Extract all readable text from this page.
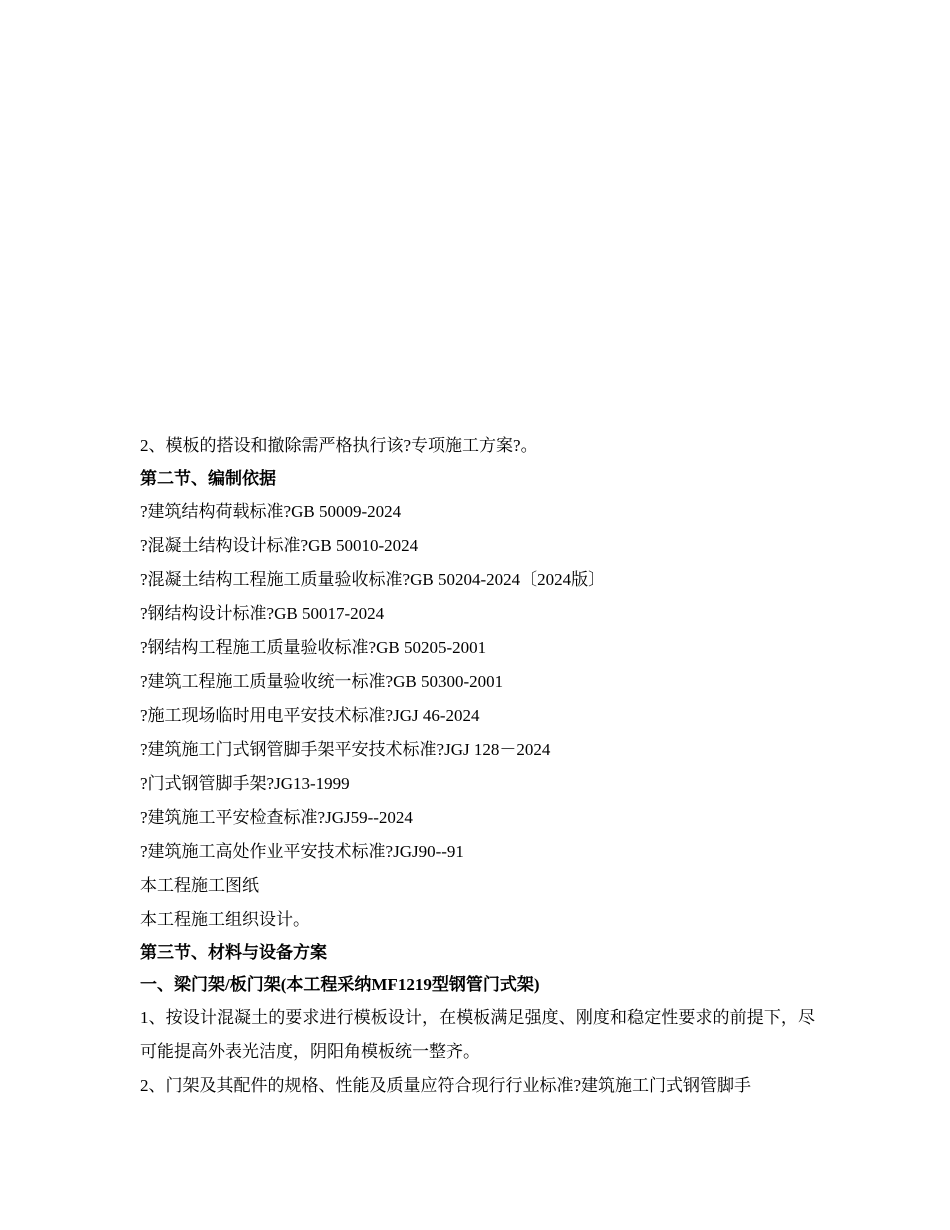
2、模板的搭设和撤除需严格执行该?专项施工方案?。
第二节、编制依据
?建筑结构荷载标准?GB 50009-2024
?混凝土结构设计标准?GB 50010-2024
?混凝土结构工程施工质量验收标准?GB 50204-2024〔2024版〕
?钢结构设计标准?GB 50017-2024
?钢结构工程施工质量验收标准?GB 50205-2001
?建筑工程施工质量验收统一标准?GB 50300-2001
?施工现场临时用电平安技术标准?JGJ 46-2024
?建筑施工门式钢管脚手架平安技术标准?JGJ 128－2024
?门式钢管脚手架?JG13-1999
?建筑施工平安检查标准?JGJ59--2024
?建筑施工高处作业平安技术标准?JGJ90--91
本工程施工图纸
本工程施工组织设计。
第三节、材料与设备方案
一、梁门架/板门架(本工程采纳MF1219型钢管门式架)
1、按设计混凝土的要求进行模板设计，在模板满足强度、刚度和稳定性要求的前提下，尽可能提高外表光洁度，阴阳角模板统一整齐。
2、门架及其配件的规格、性能及质量应符合现行行业标准?建筑施工门式钢管脚手
